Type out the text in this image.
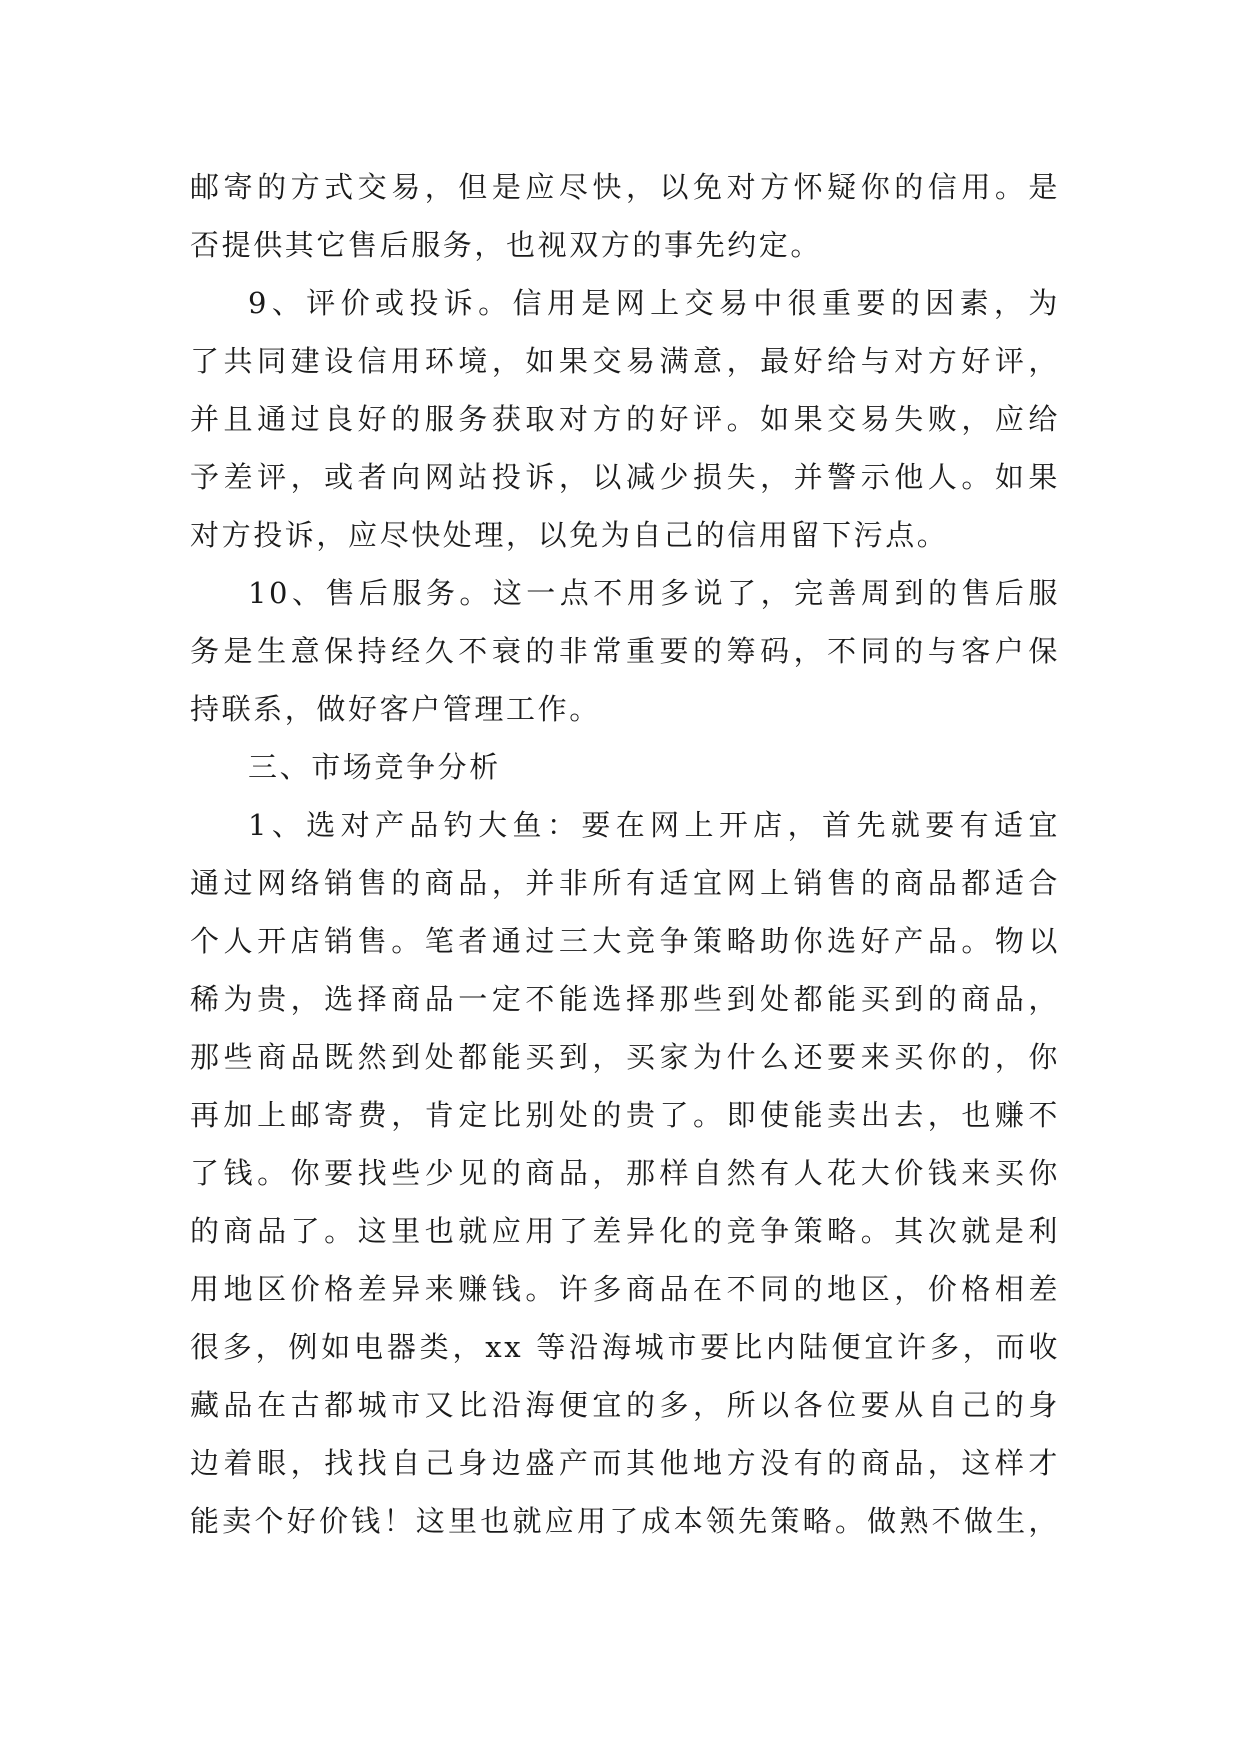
邮寄的方式交易，但是应尽快，以免对方怀疑你的信用。是
否提供其它售后服务，也视双方的事先约定。
9、评价或投诉。信用是网上交易中很重要的因素，为
了共同建设信用环境，如果交易满意，最好给与对方好评，
并且通过良好的服务获取对方的好评。如果交易失败，应给
予差评，或者向网站投诉，以减少损失，并警示他人。如果
对方投诉，应尽快处理，以免为自己的信用留下污点。
10、售后服务。这一点不用多说了，完善周到的售后服
务是生意保持经久不衰的非常重要的筹码，不同的与客户保
持联系，做好客户管理工作。
三、市场竞争分析
1、选对产品钓大鱼：要在网上开店，首先就要有适宜
通过网络销售的商品，并非所有适宜网上销售的商品都适合
个人开店销售。笔者通过三大竞争策略助你选好产品。物以
稀为贵，选择商品一定不能选择那些到处都能买到的商品，
那些商品既然到处都能买到，买家为什么还要来买你的，你
再加上邮寄费，肯定比别处的贵了。即使能卖出去，也赚不
了钱。你要找些少见的商品，那样自然有人花大价钱来买你
的商品了。这里也就应用了差异化的竞争策略。其次就是利
用地区价格差异来赚钱。许多商品在不同的地区，价格相差
很多，例如电器类，xx 等沿海城市要比内陆便宜许多，而收
藏品在古都城市又比沿海便宜的多，所以各位要从自己的身
边着眼，找找自己身边盛产而其他地方没有的商品，这样才
能卖个好价钱！这里也就应用了成本领先策略。做熟不做生，
